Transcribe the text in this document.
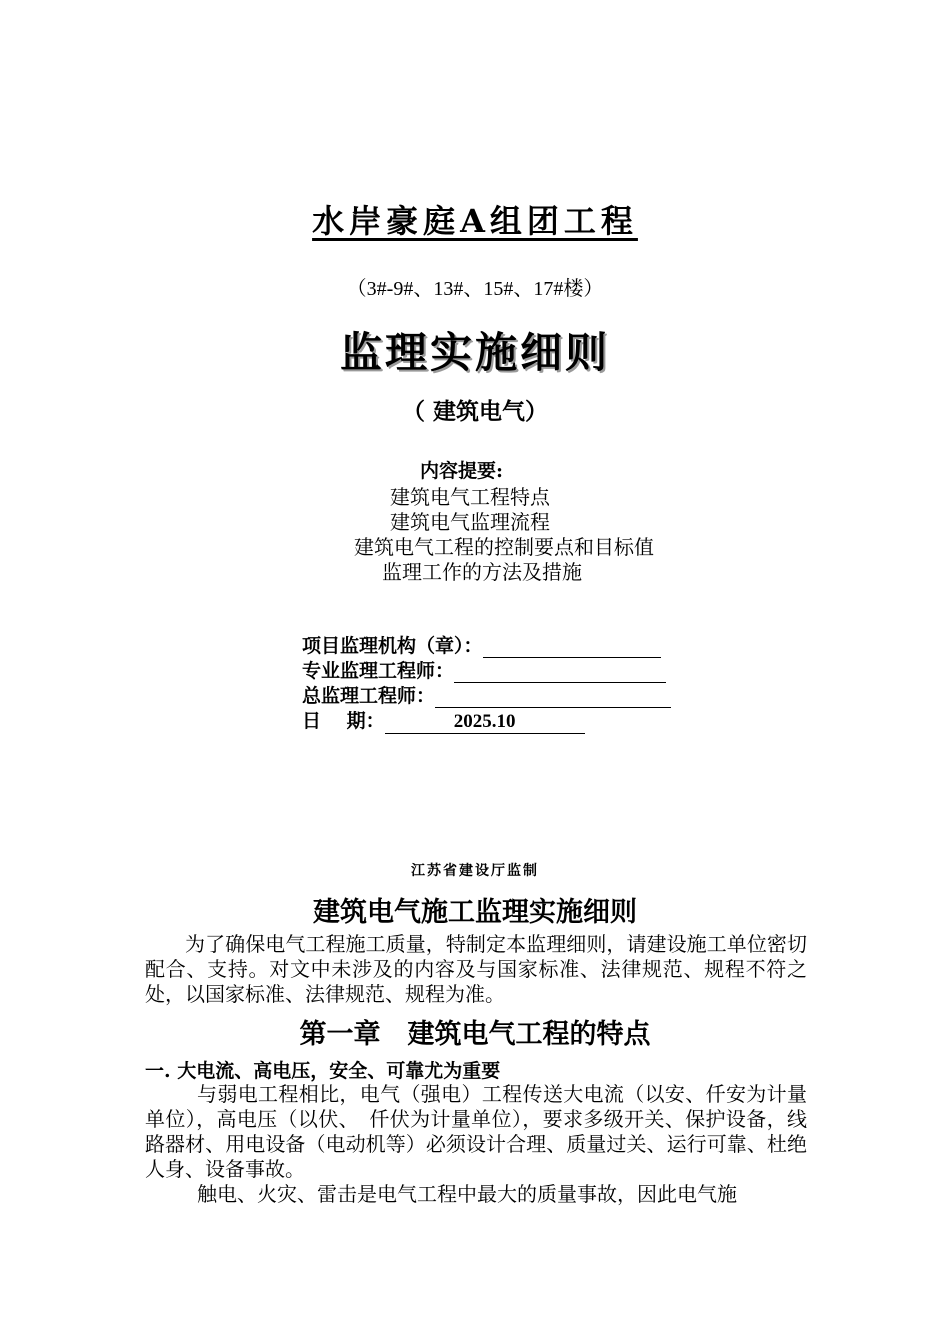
水岸豪庭A组团工程
（3#-9#、13#、15#、17#楼）
监理实施细则
（ 建筑电气）
内容提要:
建筑电气工程特点
建筑电气监理流程
建筑电气工程的控制要点和目标值
监理工作的方法及措施
项目监理机构（章）：
专业监理工程师：
总监理工程师：
日　 期：	2025.10
江苏省建设厅监制
建筑电气施工监理实施细则
为了确保电气工程施工质量，特制定本监理细则，请建设施工单位密切配合、支持。对文中未涉及的内容及与国家标准、法律规范、规程不符之处，以国家标准、法律规范、规程为准。
第一章　建筑电气工程的特点
一. 大电流、高电压，安全、可靠尤为重要
与弱电工程相比，电气（强电）工程传送大电流（以安、仟安为计量单位），高电压（以伏、　仟伏为计量单位），要求多级开关、保护设备，线路器材、用电设备（电动机等）必须设计合理、质量过关、运行可靠、杜绝人身、设备事故。
触电、火灾、雷击是电气工程中最大的质量事故，因此电气施
